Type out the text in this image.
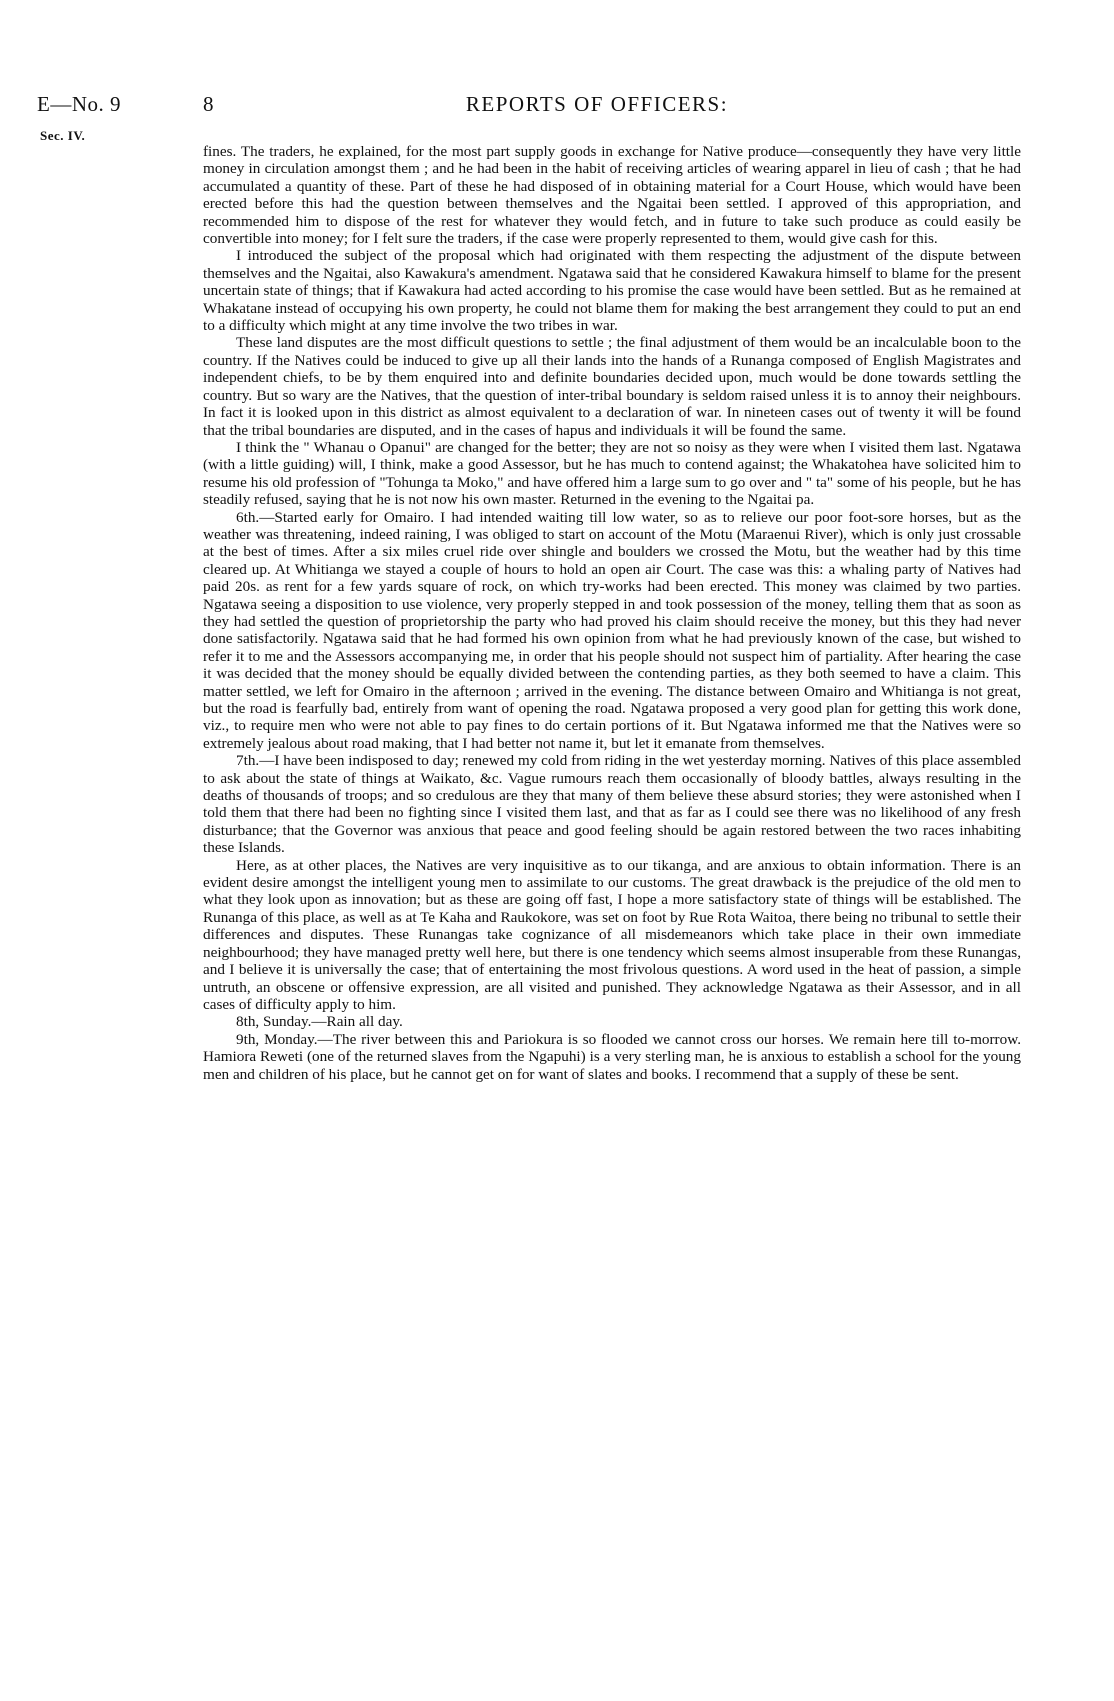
E—No. 9
Sec. IV.
8	REPORTS OF OFFICERS:

fines. The traders, he explained, for the most part supply goods in exchange for Native produce—consequently they have very little money in circulation amongst them ; and he had been in the habit of receiving articles of wearing apparel in lieu of cash ; that he had accumulated a quantity of these. Part of these he had disposed of in obtaining material for a Court House, which would have been erected before this had the question between themselves and the Ngaitai been settled. I approved of this appropriation, and recommended him to dispose of the rest for whatever they would fetch, and in future to take such produce as could easily be convertible into money; for I felt sure the traders, if the case were properly represented to them, would give cash for this.

I introduced the subject of the proposal which had originated with them respecting the adjustment of the dispute between themselves and the Ngaitai, also Kawakura's amendment. Ngatawa said that he considered Kawakura himself to blame for the present uncertain state of things; that if Kawakura had acted according to his promise the case would have been settled. But as he remained at Whakatane instead of occupying his own property, he could not blame them for making the best arrangement they could to put an end to a difficulty which might at any time involve the two tribes in war.

These land disputes are the most difficult questions to settle ; the final adjustment of them would be an incalculable boon to the country. If the Natives could be induced to give up all their lands into the hands of a Runanga composed of English Magistrates and independent chiefs, to be by them enquired into and definite boundaries decided upon, much would be done towards settling the country. But so wary are the Natives, that the question of inter-tribal boundary is seldom raised unless it is to annoy their neighbours. In fact it is looked upon in this district as almost equivalent to a declaration of war. In nineteen cases out of twenty it will be found that the tribal boundaries are disputed, and in the cases of hapus and individuals it will be found the same.

I think the " Whanau o Opanui" are changed for the better; they are not so noisy as they were when I visited them last. Ngatawa (with a little guiding) will, I think, make a good Assessor, but he has much to contend against; the Whakatohea have solicited him to resume his old profession of "Tohunga ta Moko," and have offered him a large sum to go over and " ta" some of his people, but he has steadily refused, saying that he is not now his own master. Returned in the evening to the Ngaitai pa.

6th.—Started early for Omairo. I had intended waiting till low water, so as to relieve our poor foot-sore horses, but as the weather was threatening, indeed raining, I was obliged to start on account of the Motu (Maraenui River), which is only just crossable at the best of times. After a six miles cruel ride over shingle and boulders we crossed the Motu, but the weather had by this time cleared up. At Whitianga we stayed a couple of hours to hold an open air Court. The case was this: a whaling party of Natives had paid 20s. as rent for a few yards square of rock, on which try-works had been erected. This money was claimed by two parties. Ngatawa seeing a disposition to use violence, very properly stepped in and took possession of the money, telling them that as soon as they had settled the question of proprietorship the party who had proved his claim should receive the money, but this they had never done satisfactorily. Ngatawa said that he had formed his own opinion from what he had previously known of the case, but wished to refer it to me and the Assessors accompanying me, in order that his people should not suspect him of partiality. After hearing the case it was decided that the money should be equally divided between the contending parties, as they both seemed to have a claim. This matter settled, we left for Omairo in the afternoon ; arrived in the evening. The distance between Omairo and Whitianga is not great, but the road is fearfully bad, entirely from want of opening the road. Ngatawa proposed a very good plan for getting this work done, viz., to require men who were not able to pay fines to do certain portions of it. But Ngatawa informed me that the Natives were so extremely jealous about road making, that I had better not name it, but let it emanate from themselves.

7th.—I have been indisposed to day; renewed my cold from riding in the wet yesterday morning. Natives of this place assembled to ask about the state of things at Waikato, &c. Vague rumours reach them occasionally of bloody battles, always resulting in the deaths of thousands of troops; and so credulous are they that many of them believe these absurd stories; they were astonished when I told them that there had been no fighting since I visited them last, and that as far as I could see there was no likelihood of any fresh disturbance; that the Governor was anxious that peace and good feeling should be again restored between the two races inhabiting these Islands.

Here, as at other places, the Natives are very inquisitive as to our tikanga, and are anxious to obtain information. There is an evident desire amongst the intelligent young men to assimilate to our customs. The great drawback is the prejudice of the old men to what they look upon as innovation; but as these are going off fast, I hope a more satisfactory state of things will be established. The Runanga of this place, as well as at Te Kaha and Raukokore, was set on foot by Rue Rota Waitoa, there being no tribunal to settle their differences and disputes. These Runangas take cognizance of all misdemeanors which take place in their own immediate neighbourhood; they have managed pretty well here, but there is one tendency which seems almost insuperable from these Runangas, and I believe it is universally the case; that of entertaining the most frivolous questions. A word used in the heat of passion, a simple untruth, an obscene or offensive expression, are all visited and punished. They acknowledge Ngatawa as their Assessor, and in all cases of difficulty apply to him.

8th, Sunday.—Rain all day.

9th, Monday.—The river between this and Pariokura is so flooded we cannot cross our horses. We remain here till to-morrow. Hamiora Reweti (one of the returned slaves from the Ngapuhi) is a very sterling man, he is anxious to establish a school for the young men and children of his place, but he cannot get on for want of slates and books. I recommend that a supply of these be sent.
